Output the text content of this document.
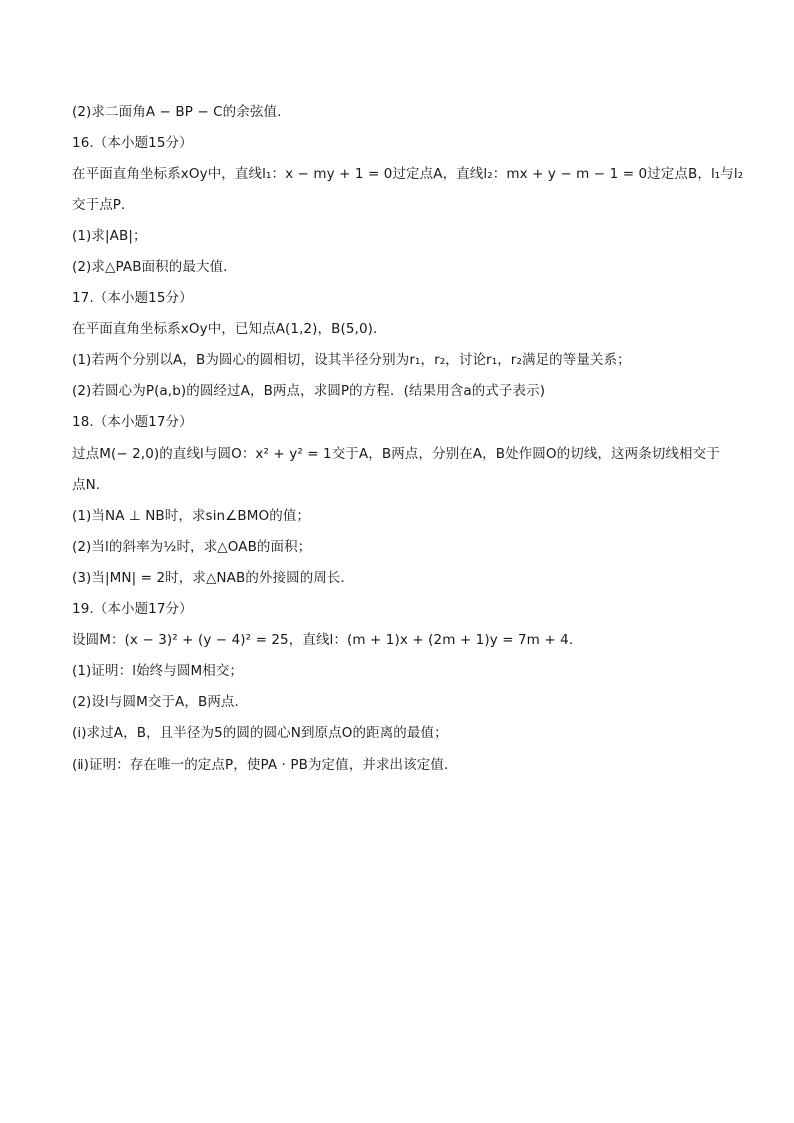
(2)求二面角A − BP − C的余弦值．
16.（本小题15分）
在平面直角坐标系xOy中，直线l₁：x − my + 1 = 0过定点A，直线l₂：mx + y − m − 1 = 0过定点B，l₁与l₂
交于点P．
(1)求|AB|；
(2)求△PAB面积的最大值．
17.（本小题15分）
在平面直角坐标系xOy中，已知点A(1,2)，B(5,0)．
(1)若两个分别以A，B为圆心的圆相切，设其半径分别为r₁，r₂，讨论r₁，r₂满足的等量关系；
(2)若圆心为P(a,b)的圆经过A，B两点，求圆P的方程．(结果用含a的式子表示)
18.（本小题17分）
过点M(− 2,0)的直线l与圆O：x² + y² = 1交于A，B两点，分别在A，B处作圆O的切线，这两条切线相交于
点N．
(1)当NA ⊥ NB时，求sin∠BMO的值；
(2)当l的斜率为½时，求△OAB的面积；
(3)当|MN| = 2时，求△NAB的外接圆的周长．
19.（本小题17分）
设圆M：(x − 3)² + (y − 4)² = 25，直线l：(m + 1)x + (2m + 1)y = 7m + 4．
(1)证明：l始终与圆M相交；
(2)设l与圆M交于A，B两点．
(ⅰ)求过A，B，且半径为5的圆的圆心N到原点O的距离的最值；
(ⅱ)证明：存在唯一的定点P，使PA · PB为定值，并求出该定值．
